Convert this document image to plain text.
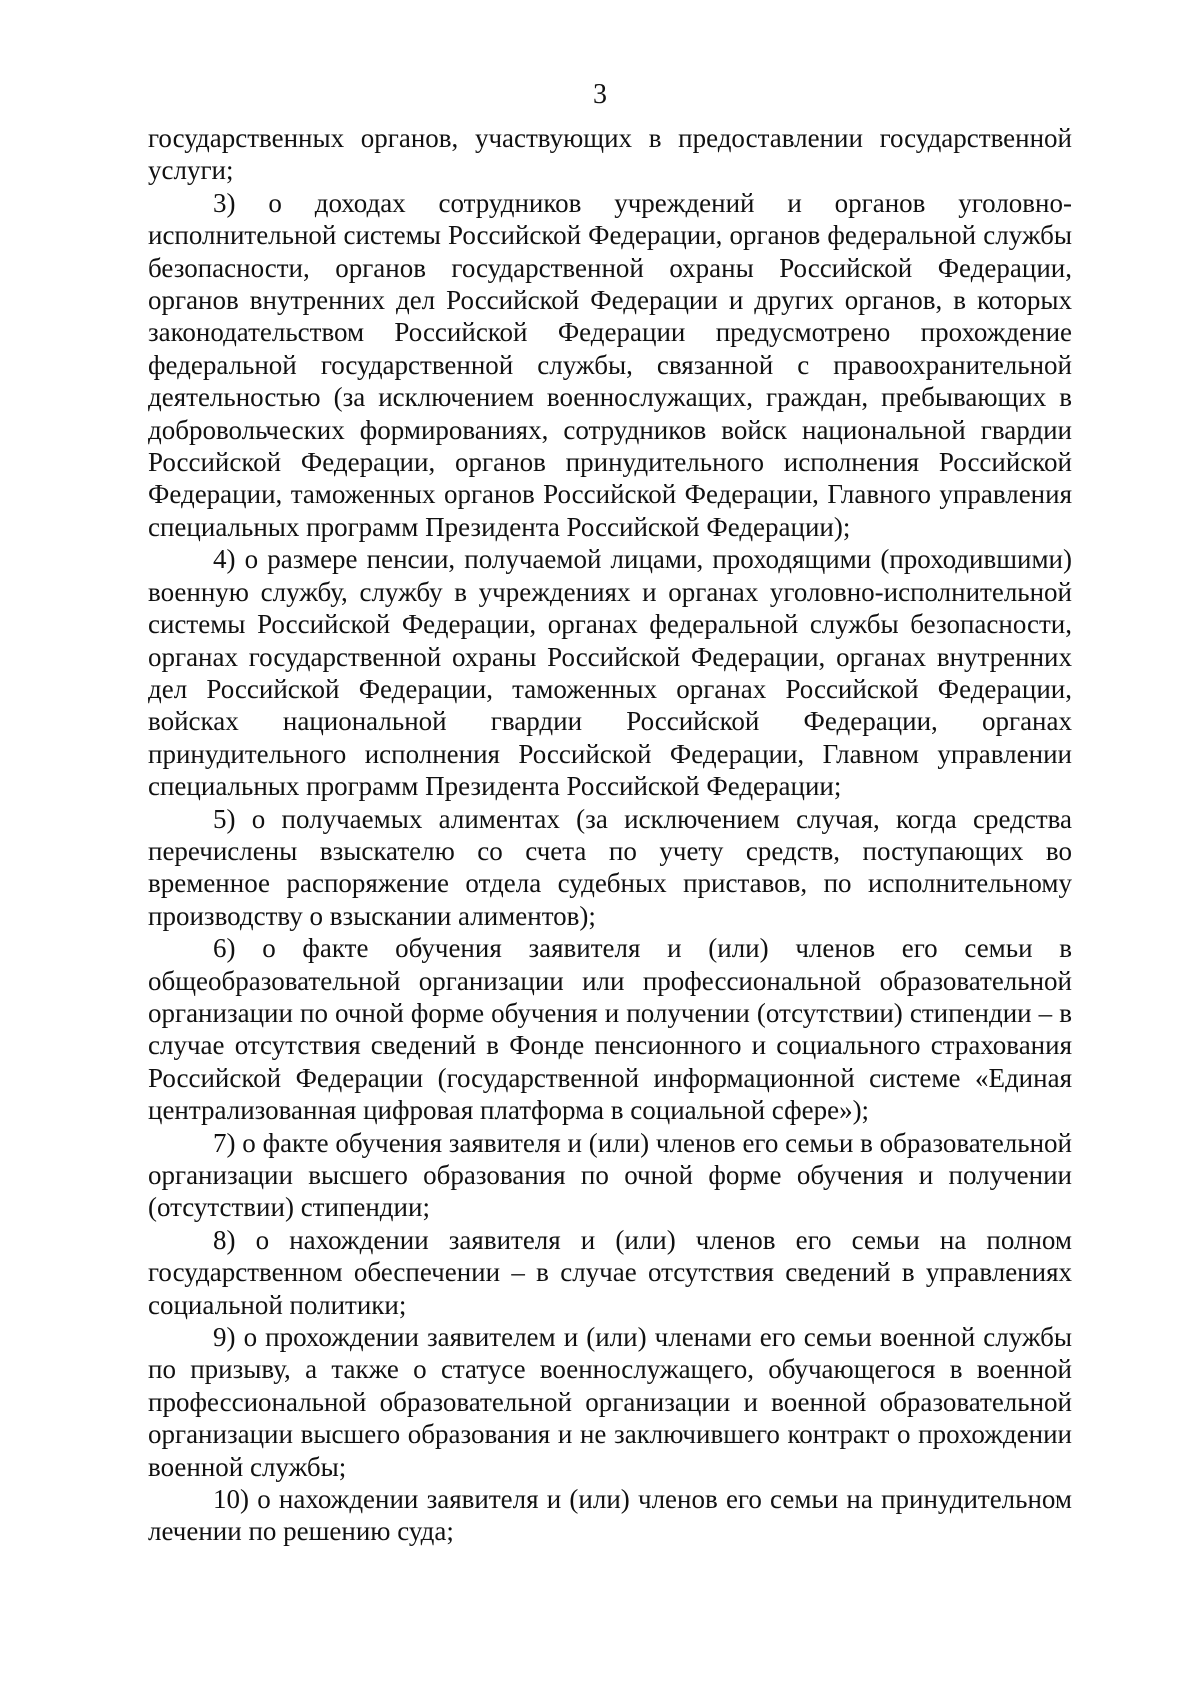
3

государственных органов, участвующих в предоставлении государственной услуги;

3) о доходах сотрудников учреждений и органов уголовно-исполнительной системы Российской Федерации, органов федеральной службы безопасности, органов государственной охраны Российской Федерации, органов внутренних дел Российской Федерации и других органов, в которых законодательством Российской Федерации предусмотрено прохождение федеральной государственной службы, связанной с правоохранительной деятельностью (за исключением военнослужащих, граждан, пребывающих в добровольческих формированиях, сотрудников войск национальной гвардии Российской Федерации, органов принудительного исполнения Российской Федерации, таможенных органов Российской Федерации, Главного управления специальных программ Президента Российской Федерации);

4) о размере пенсии, получаемой лицами, проходящими (проходившими) военную службу, службу в учреждениях и органах уголовно-исполнительной системы Российской Федерации, органах федеральной службы безопасности, органах государственной охраны Российской Федерации, органах внутренних дел Российской Федерации, таможенных органах Российской Федерации, войсках национальной гвардии Российской Федерации, органах принудительного исполнения Российской Федерации, Главном управлении специальных программ Президента Российской Федерации;

5) о получаемых алиментах (за исключением случая, когда средства перечислены взыскателю со счета по учету средств, поступающих во временное распоряжение отдела судебных приставов, по исполнительному производству о взыскании алиментов);

6) о факте обучения заявителя и (или) членов его семьи в общеобразовательной организации или профессиональной образовательной организации по очной форме обучения и получении (отсутствии) стипендии – в случае отсутствия сведений в Фонде пенсионного и социального страхования Российской Федерации (государственной информационной системе «Единая централизованная цифровая платформа в социальной сфере»);

7) о факте обучения заявителя и (или) членов его семьи в образовательной организации высшего образования по очной форме обучения и получении (отсутствии) стипендии;

8) о нахождении заявителя и (или) членов его семьи на полном государственном обеспечении – в случае отсутствия сведений в управлениях социальной политики;

9) о прохождении заявителем и (или) членами его семьи военной службы по призыву, а также о статусе военнослужащего, обучающегося в военной профессиональной образовательной организации и военной образовательной организации высшего образования и не заключившего контракт о прохождении военной службы;

10) о нахождении заявителя и (или) членов его семьи на принудительном лечении по решению суда;
